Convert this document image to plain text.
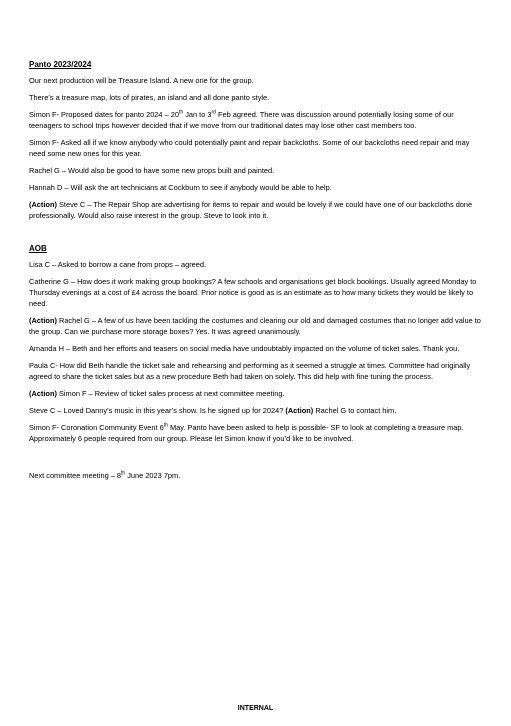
Panto 2023/2024

Our next production will be Treasure Island. A new one for the group.

There’s a treasure map, lots of pirates, an island and all done panto style.

Simon F- Proposed dates for panto 2024 – 20th Jan to 3rd Feb agreed. There was discussion around potentially losing some of our teenagers to school trips however decided that if we move from our traditional dates may lose other cast members too.

Simon F- Asked all if we know anybody who could potentially paint and repair backcloths. Some of our backcloths need repair and may need some new ones for this year.

Rachel G – Would also be good to have some new props built and painted.

Hannah D – Will ask the art technicians at Cockburn to see if anybody would be able to help.

(Action) Steve C – The Repair Shop are advertising for items to repair and would be lovely if we could have one of our backcloths done professionally. Would also raise interest in the group. Steve to look into it.

AOB

Lisa C – Asked to borrow a cane from props – agreed.

Catherine G – How does it work making group bookings? A few schools and organisations get block bookings. Usually agreed Monday to Thursday evenings at a cost of £4 across the board. Prior notice is good as is an estimate as to how many tickets they would be likely to need.

(Action) Rachel G – A few of us have been tackling the costumes and clearing our old and damaged costumes that no longer add value to the group. Can we purchase more storage boxes? Yes. It was agreed unanimously.

Amanda H – Beth and her efforts and teasers on social media have undoubtably impacted on the volume of ticket sales. Thank you.

Paula C- How did Beth handle the ticket sale and rehearsing and performing as it seemed a struggle at times. Committee had originally agreed to share the ticket sales but as a new procedure Beth had taken on solely. This did help with fine tuning the process.

(Action) Simon F – Review of ticket sales process at next committee meeting.

Steve C – Loved Danny’s music in this year’s show. Is he signed up for 2024? (Action) Rachel G to contact him.

Simon F- Coronation Community Event 6th May. Panto have been asked to help is possible- SF to look at completing a treasure map. Approximately 6 people required from our group. Please let Simon know if you’d like to be involved.

Next committee meeting – 8th June 2023 7pm.

INTERNAL
